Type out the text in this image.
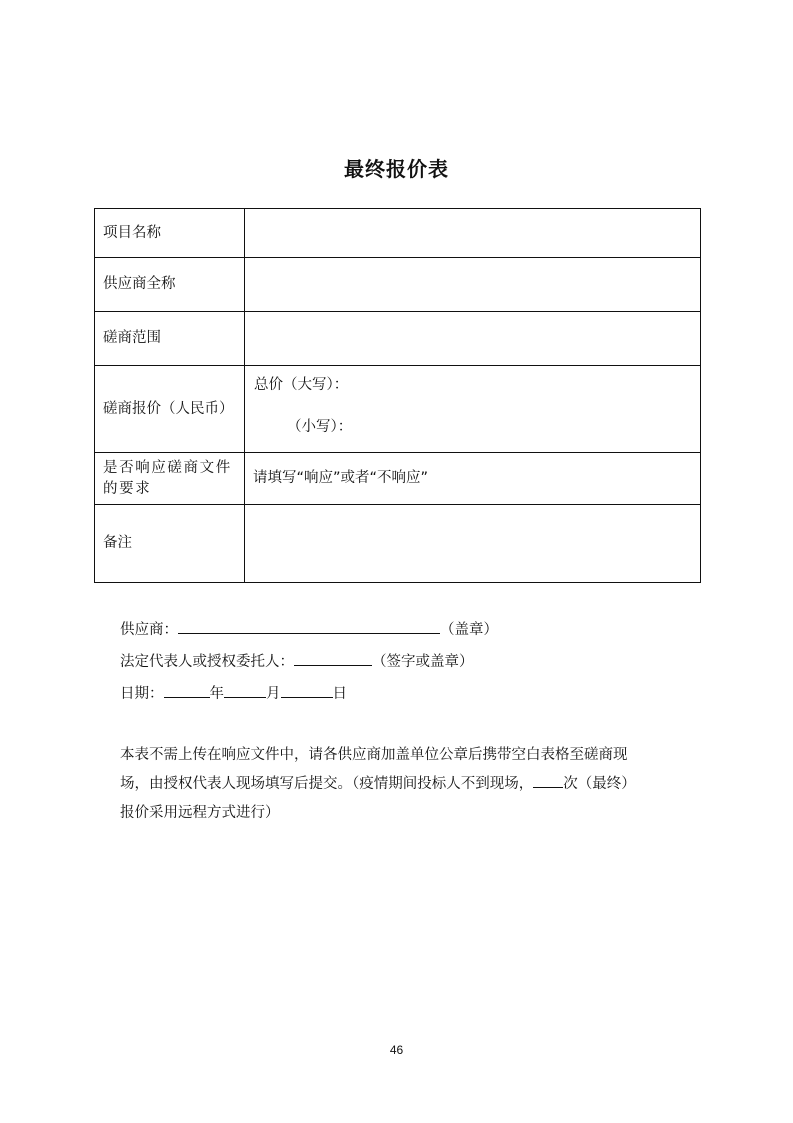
最终报价表
项目名称	
供应商全称	
磋商范围	
磋商报价（人民币）	总价（大写）：
（小写）：

是否响应磋商文件的要求	请填写“响应”或者“不响应”
备注	
供应商：	（盖章）
法定代表人或授权委托人：	（签字或盖章）
日期：	年	月	日

本表不需上传在响应文件中，请各供应商加盖单位公章后携带空白表格至磋商现

场，由授权代表人现场填写后提交。（疫情期间投标人不到现场， 次（最终）

报价采用远程方式进行）

46
